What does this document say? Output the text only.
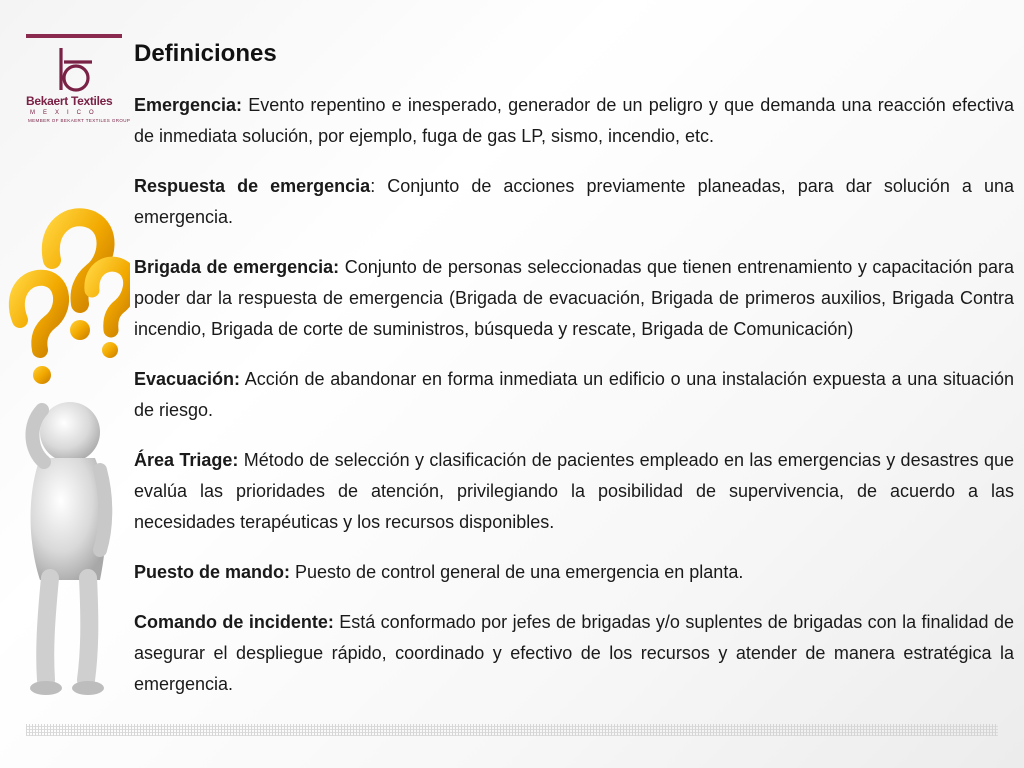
Bekaert Textiles
MEXICO
MEMBER OF BEKAERT TEXTILES GROUP
Definiciones

Emergencia: Evento repentino e inesperado, generador de un peligro y que demanda una reacción efectiva de inmediata solución, por ejemplo, fuga de gas LP, sismo, incendio, etc.

Respuesta de emergencia: Conjunto de acciones previamente planeadas, para dar solución a una emergencia.

Brigada de emergencia: Conjunto de personas seleccionadas que tienen entrenamiento y capacitación para poder dar la respuesta de emergencia (Brigada de evacuación, Brigada de primeros auxilios, Brigada Contra incendio, Brigada de corte de suministros, búsqueda y rescate, Brigada de Comunicación)

Evacuación: Acción de abandonar en forma inmediata un edificio o una instalación expuesta a una situación de riesgo.

Área Triage: Método de selección y clasificación de pacientes empleado en las emergencias y desastres que evalúa las prioridades de atención, privilegiando la posibilidad de supervivencia, de acuerdo a las necesidades terapéuticas y los recursos disponibles.

Puesto de mando: Puesto de control general de una emergencia en planta.

Comando de incidente: Está conformado por jefes de brigadas y/o suplentes de brigadas con la finalidad de asegurar el despliegue rápido, coordinado y efectivo de los recursos y atender de manera estratégica la emergencia.
